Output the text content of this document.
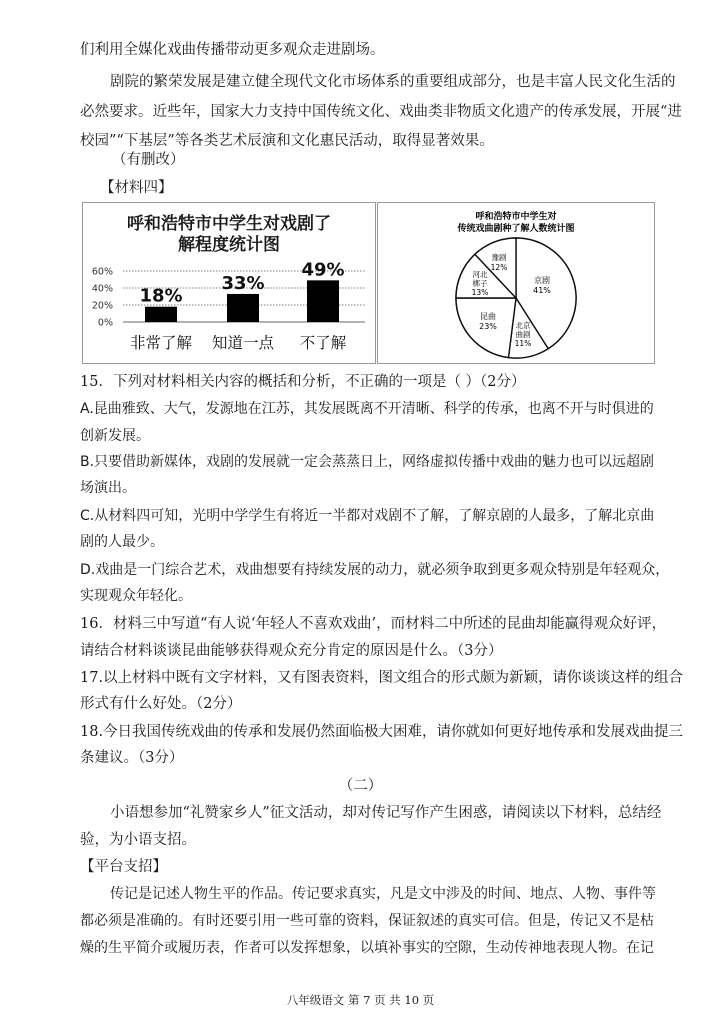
们利用全媒化戏曲传播带动更多观众走进剧场。
剧院的繁荣发展是建立健全现代文化市场体系的重要组成部分，也是丰富人民文化生活的
必然要求。近些年，国家大力支持中国传统文化、戏曲类非物质文化遗产的传承发展，开展“进
校园”“下基层”等各类艺术辰演和文化惠民活动，取得显著效果。
（有删改）
【材料四】
呼和浩特市中学生对戏剧了
解程度统计图
60%
40%
20%
0%
18%
非常了解
33%
知道一点
49%
不了解
呼和浩特市中学生对
传统戏曲剧种了解人数统计图
京剧
41%
北京
曲剧
11%
昆曲
23%
河北
梆子
13%
豫剧
12%
15．下列对材料相关内容的概括和分析，不正确的一项是（ ）（2分）
A.昆曲雅致、大气，发源地在江苏，其发展既离不开清晰、科学的传承，也离不开与时俱进的
创新发展。
B.只要借助新媒体，戏剧的发展就一定会蒸蒸日上，网络虚拟传播中戏曲的魅力也可以远超剧
场演出。
C.从材料四可知，光明中学学生有将近一半都对戏剧不了解，了解京剧的人最多，了解北京曲
剧的人最少。
D.戏曲是一门综合艺术，戏曲想要有持续发展的动力，就必须争取到更多观众特别是年轻观众，
实现观众年轻化。
16．材料三中写道“有人说‘年轻人不喜欢戏曲’，而材料二中所述的昆曲却能赢得观众好评，
请结合材料谈谈昆曲能够获得观众充分肯定的原因是什么。（3分）
17.以上材料中既有文字材料，又有图表资料，图文组合的形式颇为新颖，请你谈谈这样的组合
形式有什么好处。（2分）
18.今日我国传统戏曲的传承和发展仍然面临极大困难，请你就如何更好地传承和发展戏曲提三
条建议。（3分）
（二）
小语想参加“礼赞家乡人”征文活动，却对传记写作产生困惑，请阅读以下材料，总结经
验，为小语支招。
【平台支招】
传记是记述人物生平的作品。传记要求真实，凡是文中涉及的时间、地点、人物、事件等
都必须是准确的。有时还要引用一些可靠的资料，保证叙述的真实可信。但是，传记又不是枯
燥的生平简介或履历表，作者可以发挥想象，以填补事实的空隙，生动传神地表现人物。在记
八年级语文 第 7 页 共 10 页
